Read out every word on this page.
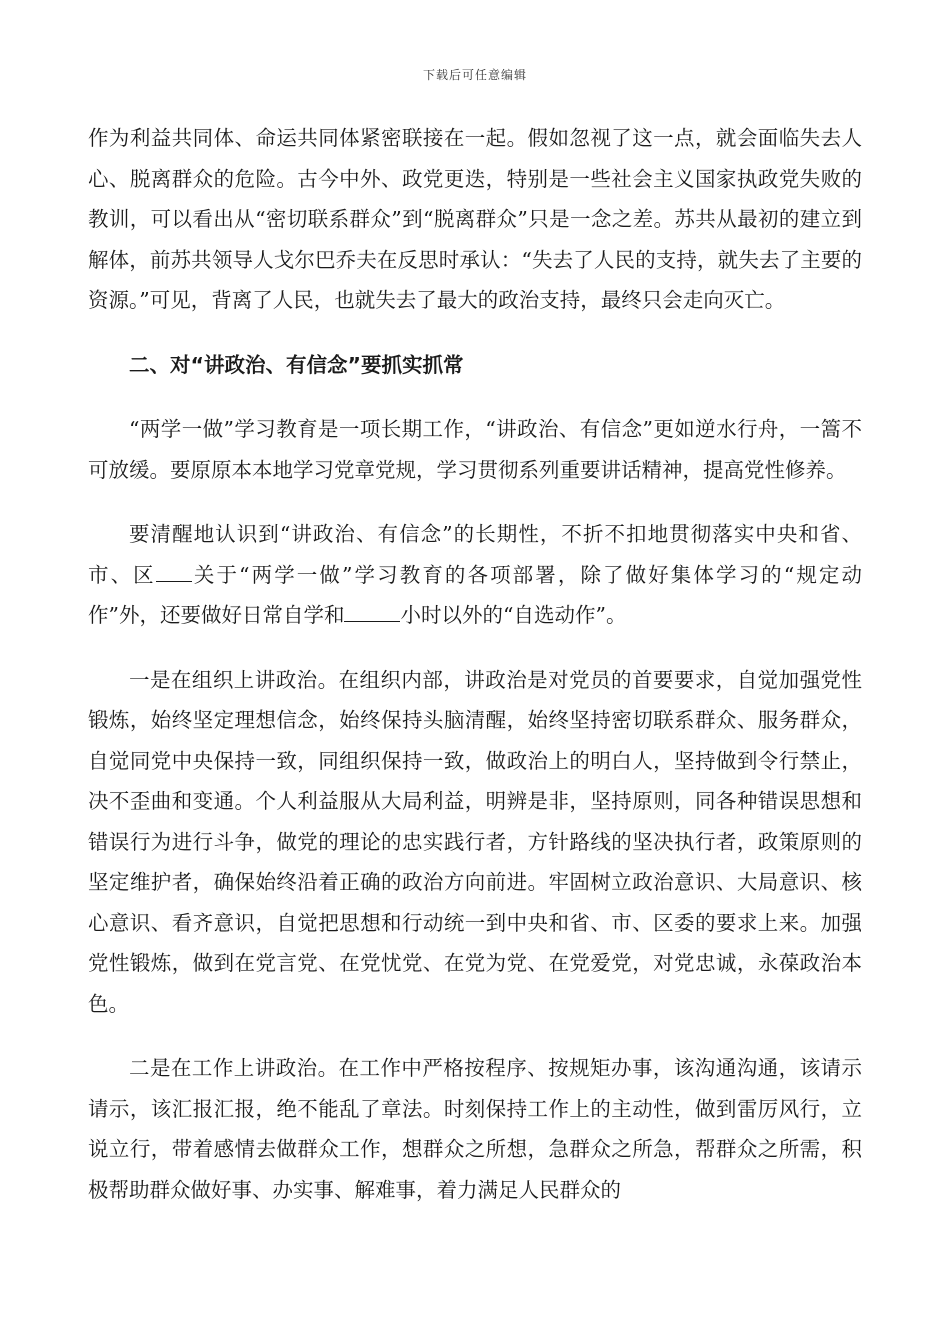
下载后可任意编辑

作为利益共同体、命运共同体紧密联接在一起。假如忽视了这一点，就会面临失去人心、脱离群众的危险。古今中外、政党更迭，特别是一些社会主义国家执政党失败的教训，可以看出从“密切联系群众”到“脱离群众”只是一念之差。苏共从最初的建立到解体，前苏共领导人戈尔巴乔夫在反思时承认：“失去了人民的支持，就失去了主要的资源。”可见，背离了人民，也就失去了最大的政治支持，最终只会走向灭亡。

二、对“讲政治、有信念”要抓实抓常

“两学一做”学习教育是一项长期工作，“讲政治、有信念”更如逆水行舟，一篙不可放缓。要原原本本地学习党章党规，学习贯彻系列重要讲话精神，提高党性修养。

要清醒地认识到“讲政治、有信念”的长期性，不折不扣地贯彻落实中央和省、市、区 关于“两学一做”学习教育的各项部署，除了做好集体学习的“规定动作”外，还要做好日常自学和	小时以外的“自选动作”。

一是在组织上讲政治。在组织内部，讲政治是对党员的首要要求，自觉加强党性锻炼，始终坚定理想信念，始终保持头脑清醒，始终坚持密切联系群众、服务群众，自觉同党中央保持一致，同组织保持一致，做政治上的明白人，坚持做到令行禁止，决不歪曲和变通。个人利益服从大局利益，明辨是非，坚持原则，同各种错误思想和错误行为进行斗争，做党的理论的忠实践行者，方针路线的坚决执行者，政策原则的坚定维护者，确保始终沿着正确的政治方向前进。牢固树立政治意识、大局意识、核心意识、看齐意识，自觉把思想和行动统一到中央和省、市、区委的要求上来。加强党性锻炼，做到在党言党、在党忧党、在党为党、在党爱党，对党忠诚，永葆政治本色。

二是在工作上讲政治。在工作中严格按程序、按规矩办事，该沟通沟通，该请示请示，该汇报汇报，绝不能乱了章法。时刻保持工作上的主动性，做到雷厉风行，立说立行，带着感情去做群众工作，想群众之所想，急群众之所急，帮群众之所需，积极帮助群众做好事、办实事、解难事，着力满足人民群众的
